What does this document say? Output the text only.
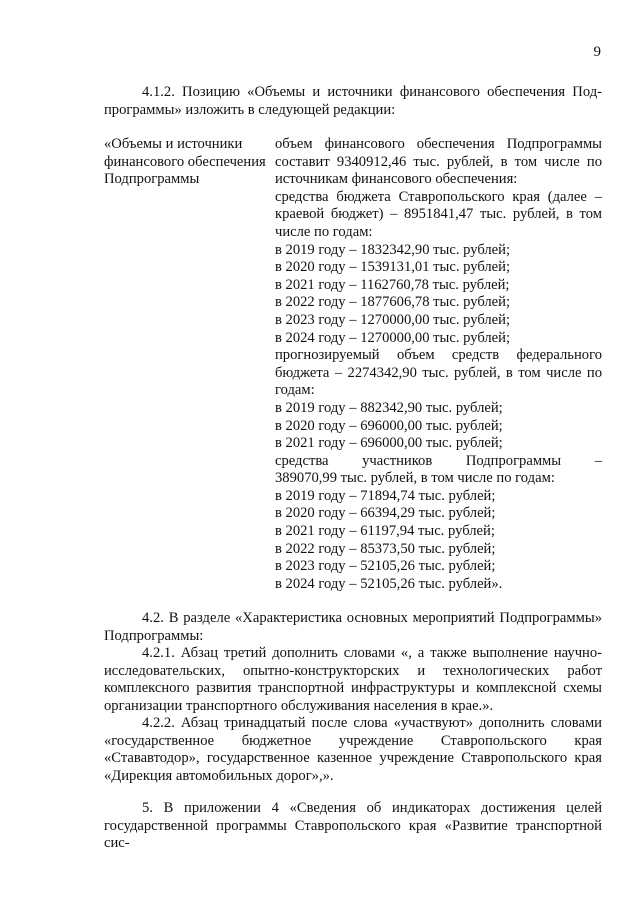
9

4.1.2. Позицию «Объемы и источники финансового обеспечения Под-

программы» изложить в следующей редакции:

«Объемы и источники
финансового обеспечения
Подпрограммы
объем финансового обеспечения Подпрограммы
составит 9340912,46 тыс. рублей, в том числе по
источникам финансового обеспечения:
средства бюджета Ставропольского края (далее –
краевой бюджет) – 8951841,47 тыс. рублей, в том
числе по годам:
в 2019 году – 1832342,90 тыс. рублей;
в 2020 году – 1539131,01 тыс. рублей;
в 2021 году – 1162760,78 тыс. рублей;
в 2022 году – 1877606,78 тыс. рублей;
в 2023 году – 1270000,00 тыс. рублей;
в 2024 году – 1270000,00 тыс. рублей;
прогнозируемый объем средств федерального
бюджета – 2274342,90 тыс. рублей, в том числе по
годам:
в 2019 году – 882342,90 тыс. рублей;
в 2020 году – 696000,00 тыс. рублей;
в 2021 году – 696000,00 тыс. рублей;
средства участников Подпрограммы –
389070,99 тыс. рублей, в том числе по годам:
в 2019 году – 71894,74 тыс. рублей;
в 2020 году – 66394,29 тыс. рублей;
в 2021 году – 61197,94 тыс. рублей;
в 2022 году – 85373,50 тыс. рублей;
в 2023 году – 52105,26 тыс. рублей;
в 2024 году – 52105,26 тыс. рублей».

4.2. В разделе «Характеристика основных мероприятий Подпрограммы» Подпрограммы:

4.2.1. Абзац третий дополнить словами «, а также выполнение научно-исследовательских, опытно-конструкторских и технологических работ комплексного развития транспортной инфраструктуры и комплексной схемы организации транспортного обслуживания населения в крае.».

4.2.2. Абзац тринадцатый после слова «участвуют» дополнить словами «государственное бюджетное учреждение Ставропольского края «Стававтодор», государственное казенное учреждение Ставропольского края «Дирекция автомобильных дорог»,».

5. В приложении 4 «Сведения об индикаторах достижения целей государственной программы Ставропольского края «Развитие транспортной сис-
